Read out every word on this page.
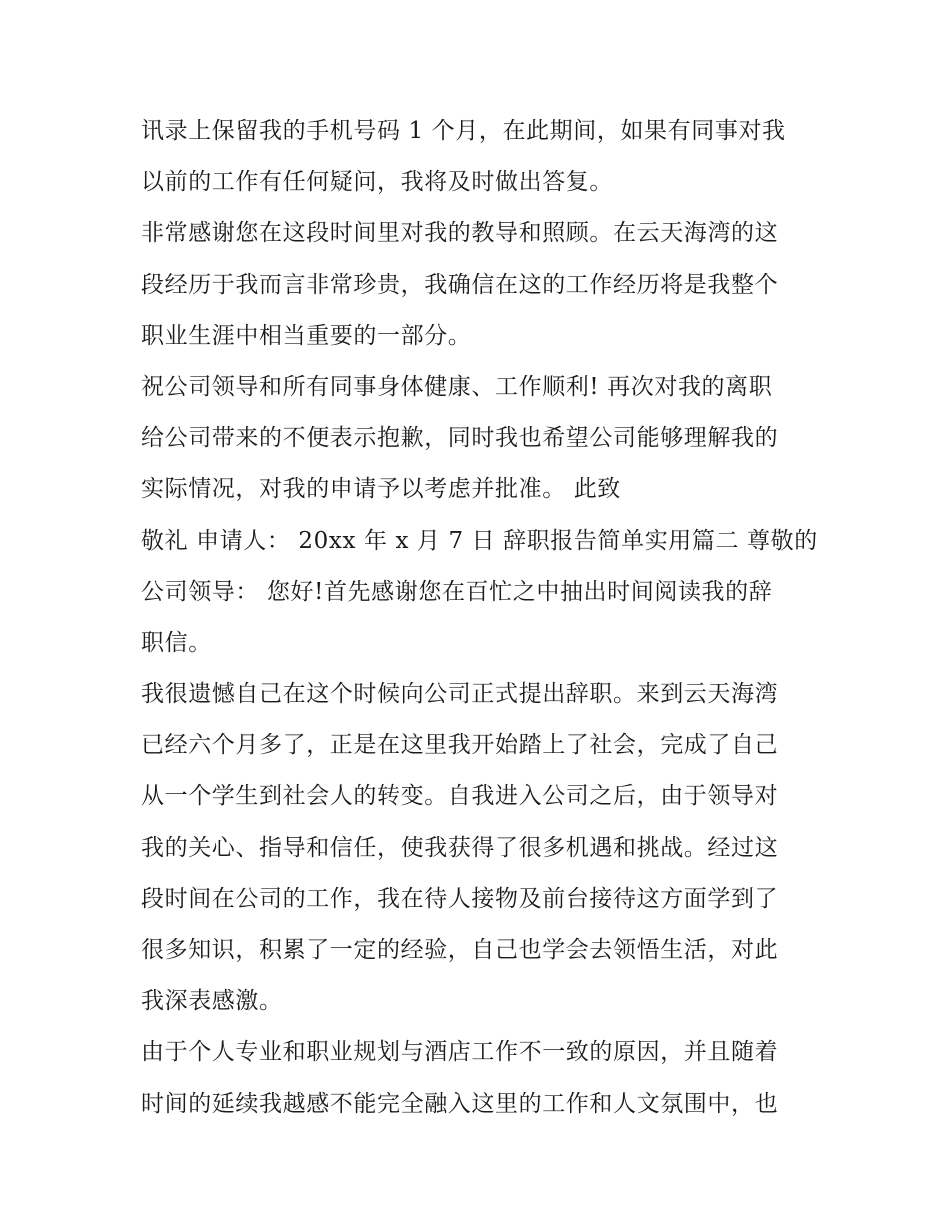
讯录上保留我的手机号码 1 个月，在此期间，如果有同事对我
以前的工作有任何疑问，我将及时做出答复。

非常感谢您在这段时间里对我的教导和照顾。在云天海湾的这
段经历于我而言非常珍贵，我确信在这的工作经历将是我整个
职业生涯中相当重要的一部分。

祝公司领导和所有同事身体健康、工作顺利! 再次对我的离职
给公司带来的不便表示抱歉，同时我也希望公司能够理解我的
实际情况，对我的申请予以考虑并批准。 此致

敬礼 申请人： 20xx 年 x 月 7 日 辞职报告简单实用篇二 尊敬的
公司领导： 您好!首先感谢您在百忙之中抽出时间阅读我的辞
职信。

我很遗憾自己在这个时候向公司正式提出辞职。来到云天海湾
已经六个月多了，正是在这里我开始踏上了社会，完成了自己
从一个学生到社会人的转变。自我进入公司之后，由于领导对
我的关心、指导和信任，使我获得了很多机遇和挑战。经过这
段时间在公司的工作，我在待人接物及前台接待这方面学到了
很多知识，积累了一定的经验，自己也学会去领悟生活，对此
我深表感激。

由于个人专业和职业规划与酒店工作不一致的原因，并且随着
时间的延续我越感不能完全融入这里的工作和人文氛围中，也
